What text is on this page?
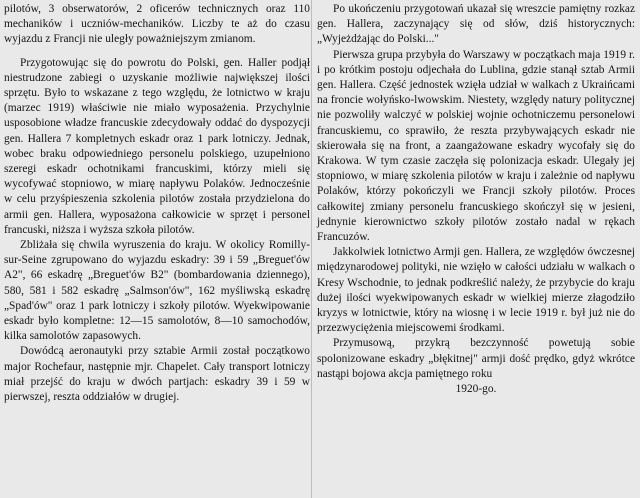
pilotów, 3 obserwatorów, 2 oficerów technicznych oraz 110 mechaników i uczniów-mechaników. Liczby te aż do czasu wyjazdu z Francji nie uległy poważniejszym zmianom.

Przygotowując się do powrotu do Polski, gen. Haller podjął niestrudzone zabiegi o uzyskanie możliwie największej ilości sprzętu. Było to wskazane z tego względu, że lotnictwo w kraju (marzec 1919) właściwie nie miało wyposażenia. Przychylnie usposobione władze francuskie zdecydowały oddać do dyspozycji gen. Hallera 7 kompletnych eskadr oraz 1 park lotniczy. Jednak, wobec braku odpowiedniego personelu polskiego, uzupełniono szeregi eskadr ochotnikami francuskimi, którzy mieli się wycofywać stopniowo, w miarę napływu Polaków. Jednocześnie w celu przyśpieszenia szkolenia pilotów została przydzielona do armii gen. Hallera, wyposażona całkowicie w sprzęt i personel francuski, niższa i wyższa szkoła pilotów.

Zbliżała się chwila wyruszenia do kraju. W okolicy Romilly-sur-Seine zgrupowano do wyjazdu eskadry: 39 i 59 „Breguet'ów A2", 66 eskadrę „Breguet'ów B2" (bombardowania dziennego), 580, 581 i 582 eskadrę „Salmson'ów", 162 myśliwską eskadrę „Spad'ów" oraz 1 park lotniczy i szkoły pilotów. Wyekwipowanie eskadr było kompletne: 12—15 samolotów, 8—10 samochodów, kilka samolotów zapasowych.

Dowódcą aeronautyki przy sztabie Armii został początkowo major Rochefaur, następnie mjr. Chapelet. Cały transport lotniczy miał przejść do kraju w dwóch partjach: eskadry 39 i 59 w pierwszej, reszta oddziałów w drugiej.

Po ukończeniu przygotowań ukazał się wreszcie pamiętny rozkaz gen. Hallera, zaczynający się od słów, dziś historycznych: „Wyjeżdżając do Polski..."

Pierwsza grupa przybyła do Warszawy w początkach maja 1919 r. i po krótkim postoju odjechała do Lublina, gdzie stanął sztab Armii gen. Hallera. Część jednostek wzięła udział w walkach z Ukraińcami na froncie wołyńsko-lwowskim. Niestety, względy natury politycznej nie pozwoliły walczyć w polskiej wojnie ochotniczemu personelowi francuskiemu, co sprawiło, że reszta przybywających eskadr nie skierowała się na front, a zaangażowane eskadry wycofały się do Krakowa. W tym czasie zaczęła się polonizacja eskadr. Ulegały jej stopniowo, w miarę szkolenia pilotów w kraju i zależnie od napływu Polaków, którzy pokończyli we Francji szkoły pilotów. Proces całkowitej zmiany personelu francuskiego skończył się w jesieni, jednynie kierownictwo szkoły pilotów zostało nadal w rękach Francuzów.

Jakkolwiek lotnictwo Armji gen. Hallera, ze względów ówczesnej międzynarodowej polityki, nie wzięło w całości udziału w walkach o Kresy Wschodnie, to jednak podkreślić należy, że przybycie do kraju dużej ilości wyekwipowanych eskadr w wielkiej mierze złagodziło kryzys w lotnictwie, który na wiosnę i w lecie 1919 r. był już nie do przezwyciężenia miejscowemi środkami.

Przymusową, przykrą bezczynność powetują sobie spolonizowane eskadry „błękitnej" armji dość prędko, gdyż wkrótce nastąpi bojowa akcja pamiętnego roku

1920-go.
